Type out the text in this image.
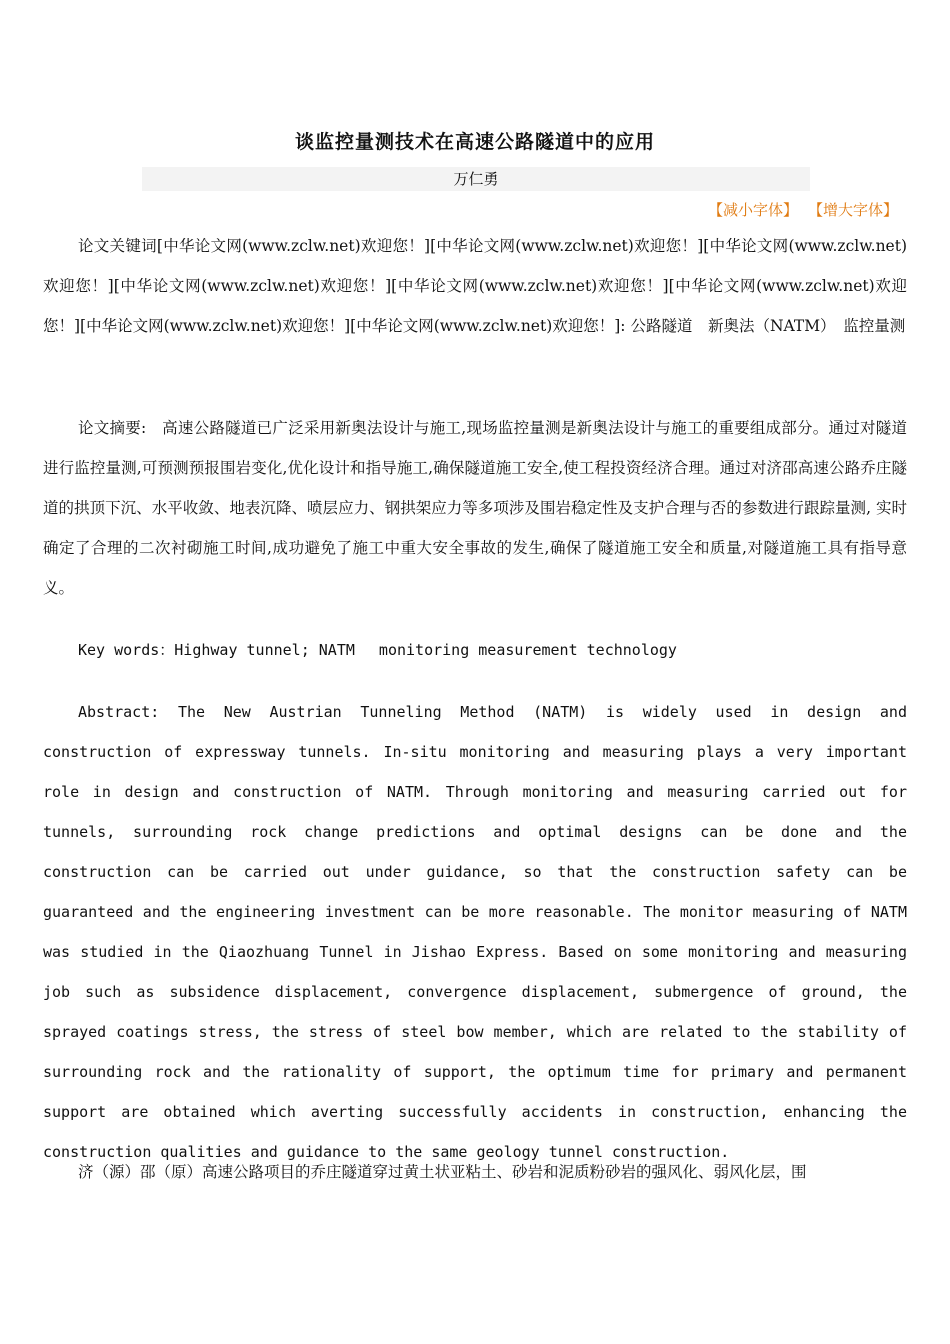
谈监控量测技术在高速公路隧道中的应用
万仁勇
【减小字体】 【增大字体】

论文关键词[中华论文网(www.zclw.net)欢迎您！][中华论文网(www.zclw.net)欢迎您！][中华论文网(www.zclw.net)欢迎您！][中华论文网(www.zclw.net)欢迎您！][中华论文网(www.zclw.net)欢迎您！][中华论文网(www.zclw.net)欢迎您！][中华论文网(www.zclw.net)欢迎您！][中华论文网(www.zclw.net)欢迎您！]: 公路隧道　新奥法（NATM）　监控量测

论文摘要:　高速公路隧道已广泛采用新奥法设计与施工,现场监控量测是新奥法设计与施工的重要组成部分。通过对隧道进行监控量测,可预测预报围岩变化,优化设计和指导施工,确保隧道施工安全,使工程投资经济合理。通过对济邵高速公路乔庄隧道的拱顶下沉、水平收敛、地表沉降、喷层应力、钢拱架应力等多项涉及围岩稳定性及支护合理与否的参数进行跟踪量测, 实时确定了合理的二次衬砌施工时间,成功避免了施工中重大安全事故的发生,确保了隧道施工安全和质量,对隧道施工具有指导意义。

Key words：Highway tunnel; NATM　 monitoring measurement technology

Abstract: The New Austrian Tunneling Method (NATM) is widely used in design and construction of expressway tunnels. In-situ monitoring and measuring plays a very important role in design and construction of NATM. Through monitoring and measuring carried out for tunnels, surrounding rock change predictions and optimal designs can be done and the construction can be carried out under guidance, so that the construction safety can be guaranteed and the engineering investment can be more reasonable. The monitor measuring of NATM was studied in the Qiaozhuang Tunnel in Jishao Express. Based on some monitoring and measuring job such as subsidence displacement, convergence displacement, submergence of ground, the sprayed coatings stress, the stress of steel bow member, which are related to the stability of surrounding rock and the rationality of support, the optimum time for primary and permanent support are obtained which averting successfully accidents in construction, enhancing the construction qualities and guidance to the same geology tunnel construction.

济（源）邵（原）高速公路项目的乔庄隧道穿过黄土状亚粘土、砂岩和泥质粉砂岩的强风化、弱风化层，围
